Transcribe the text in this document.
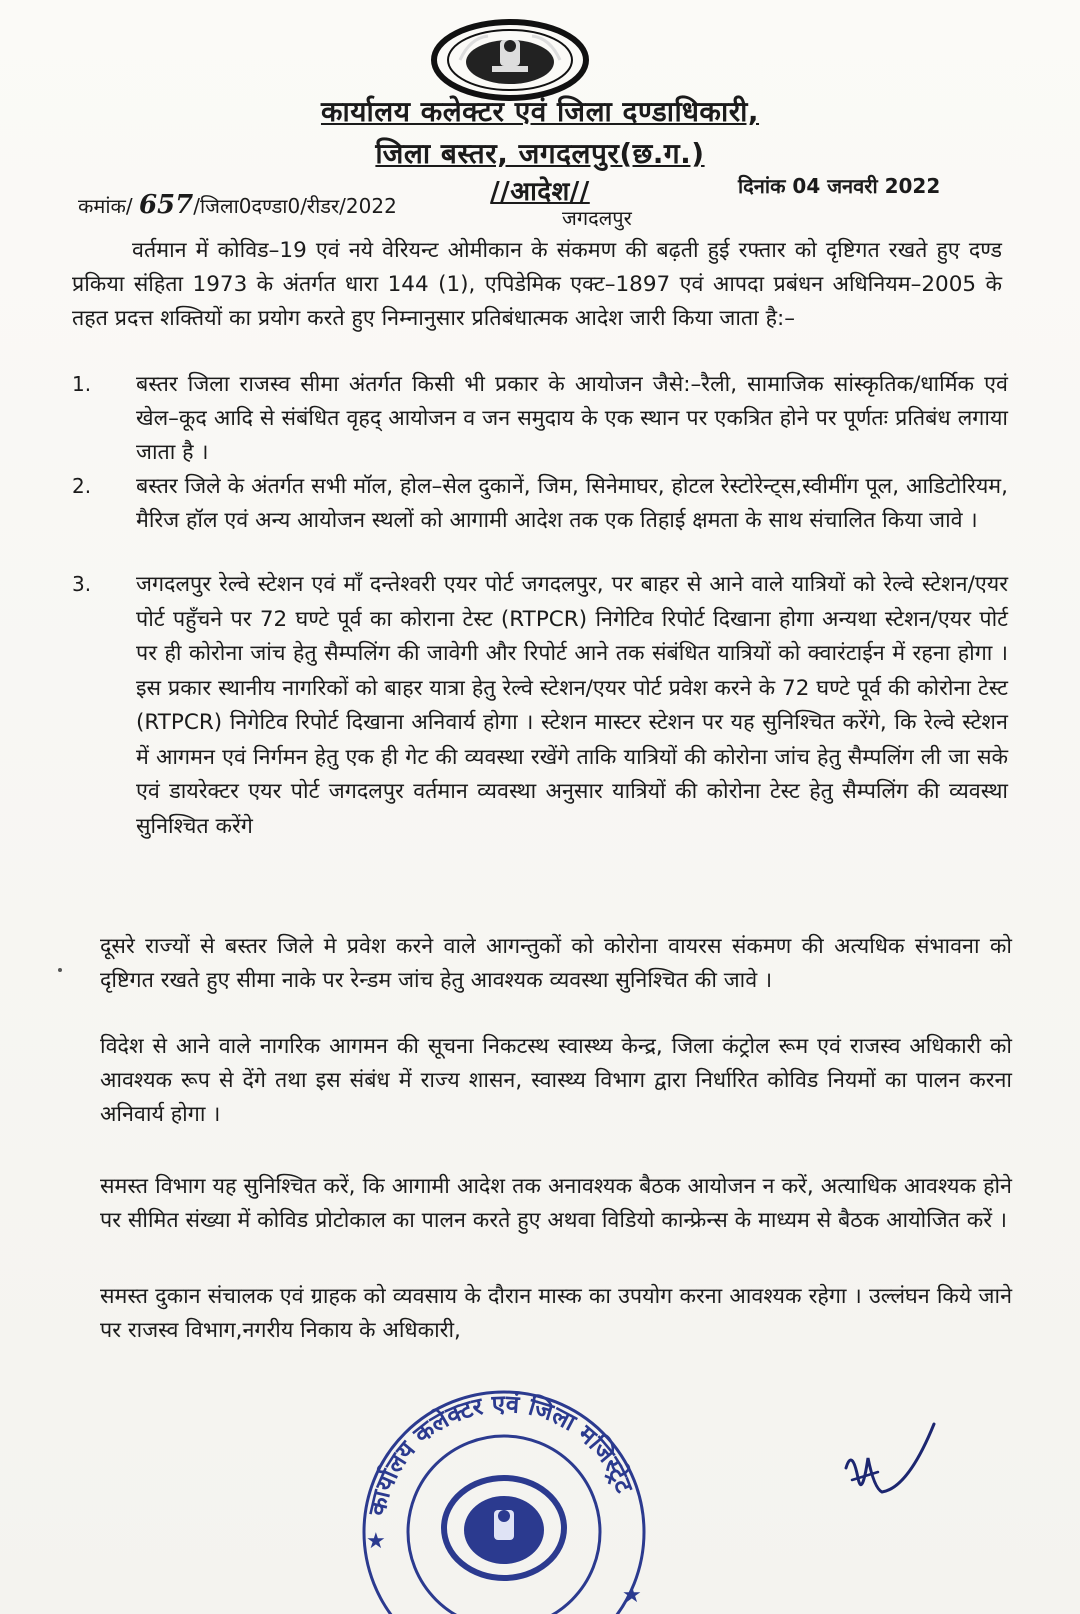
कार्यालय कलेक्टर एवं जिला दण्डाधिकारी,
जिला बस्तर, जगदलपुर(छ.ग.)
//आदेश//
कमांक/ 657/जिला0दण्डा0/रीडर/2022	जगदलपुर
दिनांक 04 जनवरी 2022
वर्तमान में कोविड–19 एवं नये वेरियन्ट ओमीकान के संकमण की बढ़ती हुई रफ्तार को दृष्टिगत रखते हुए दण्ड प्रकिया संहिता 1973 के अंतर्गत धारा 144 (1), एपिडेमिक एक्ट–1897 एवं आपदा प्रबंधन अधिनियम–2005 के तहत प्रदत्त शक्तियों का प्रयोग करते हुए निम्नानुसार प्रतिबंधात्मक आदेश जारी किया जाता है:–
1. बस्तर जिला राजस्व सीमा अंतर्गत किसी भी प्रकार के आयोजन जैसे:–रैली, सामाजिक सांस्कृतिक/धार्मिक एवं खेल–कूद आदि से संबंधित वृहद् आयोजन व जन समुदाय के एक स्थान पर एकत्रित होने पर पूर्णतः प्रतिबंध लगाया जाता है ।
2. बस्तर जिले के अंतर्गत सभी मॉल, होल–सेल दुकानें, जिम, सिनेमाघर, होटल रेस्टोरेन्ट्स,स्वीमींग पूल, आडिटोरियम, मैरिज हॉल एवं अन्य आयोजन स्थलों को आगामी आदेश तक एक तिहाई क्षमता के साथ संचालित किया जावे ।
3. जगदलपुर रेल्वे स्टेशन एवं माँ दन्तेश्वरी एयर पोर्ट जगदलपुर, पर बाहर से आने वाले यात्रियों को रेल्वे स्टेशन/एयर पोर्ट पहुँचने पर 72 घण्टे पूर्व का कोराना टेस्ट (RTPCR) निगेटिव रिपोर्ट दिखाना होगा अन्यथा स्टेशन/एयर पोर्ट पर ही कोरोना जांच हेतु सैम्पलिंग की जावेगी और रिपोर्ट आने तक संबंधित यात्रियों को क्वारंटाईन में रहना होगा । इस प्रकार स्थानीय नागरिकों को बाहर यात्रा हेतु रेल्वे स्टेशन/एयर पोर्ट प्रवेश करने के 72 घण्टे पूर्व की कोरोना टेस्ट (RTPCR) निगेटिव रिपोर्ट दिखाना अनिवार्य होगा । स्टेशन मास्टर स्टेशन पर यह सुनिश्चित करेंगे, कि रेल्वे स्टेशन में आगमन एवं निर्गमन हेतु एक ही गेट की व्यवस्था रखेंगे ताकि यात्रियों की कोरोना जांच हेतु सैम्पलिंग ली जा सके एवं डायरेक्टर एयर पोर्ट जगदलपुर वर्तमान व्यवस्था अनुसार यात्रियों की कोरोना टेस्ट हेतु सैम्पलिंग की व्यवस्था सुनिश्चित करेंगे
दूसरे राज्यों से बस्तर जिले मे प्रवेश करने वाले आगन्तुकों को कोरोना वायरस संकमण की अत्यधिक संभावना को दृष्टिगत रखते हुए सीमा नाके पर रेन्डम जांच हेतु आवश्यक व्यवस्था सुनिश्चित की जावे ।
विदेश से आने वाले नागरिक आगमन की सूचना निकटस्थ स्वास्थ्य केन्द्र, जिला कंट्रोल रूम एवं राजस्व अधिकारी को आवश्यक रूप से देंगे तथा इस संबंध में राज्य शासन, स्वास्थ्य विभाग द्वारा निर्धारित कोविड नियमों का पालन करना अनिवार्य होगा ।
समस्त विभाग यह सुनिश्चित करें, कि आगामी आदेश तक अनावश्यक बैठक आयोजन न करें, अत्याधिक आवश्यक होने पर सीमित संख्या में कोविड प्रोटोकाल का पालन करते हुए अथवा विडियो कान्फ्रेन्स के माध्यम से बैठक आयोजित करें ।
समस्त दुकान संचालक एवं ग्राहक को व्यवसाय के दौरान मास्क का उपयोग करना आवश्यक रहेगा । उल्लंघन किये जाने पर राजस्व विभाग,नगरीय निकाय के अधिकारी,
कार्यालय कलेक्टर एवं जिला मजिस्ट्रेट
★
★
